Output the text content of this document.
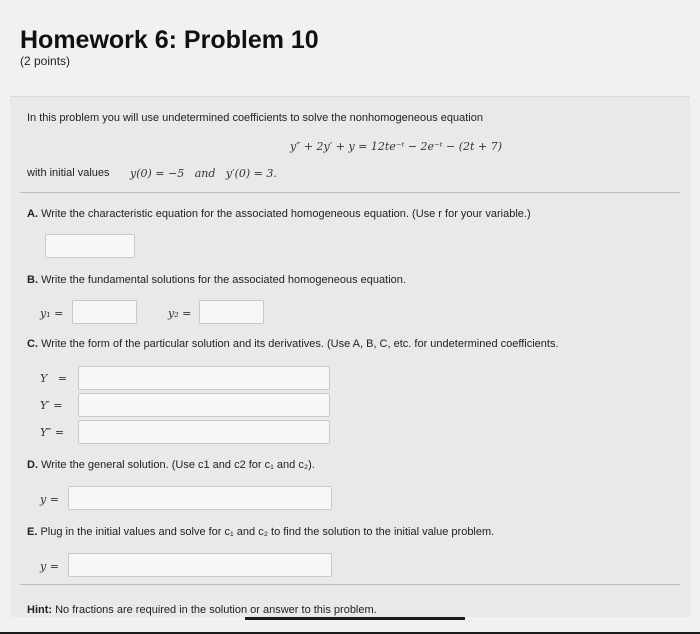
Homework 6: Problem 10
(2 points)
In this problem you will use undetermined coefficients to solve the nonhomogeneous equation
y″ + 2y′ + y = 12te⁻ᵗ − 2e⁻ᵗ − (2t + 7)
with initial values y(0) = −5   and   y′(0) = 3.
A. Write the characteristic equation for the associated homogeneous equation. (Use r for your variable.)
B. Write the fundamental solutions for the associated homogeneous equation.
y₁ =	y₂ =
C. Write the form of the particular solution and its derivatives. (Use A, B, C, etc. for undetermined coefficients.
Y   =
Y′ =
Y″ =
D. Write the general solution. (Use c1 and c2 for c₁ and c₂).
y =
E. Plug in the initial values and solve for c₁ and c₂ to find the solution to the initial value problem.
y =
Hint: No fractions are required in the solution or answer to this problem.
